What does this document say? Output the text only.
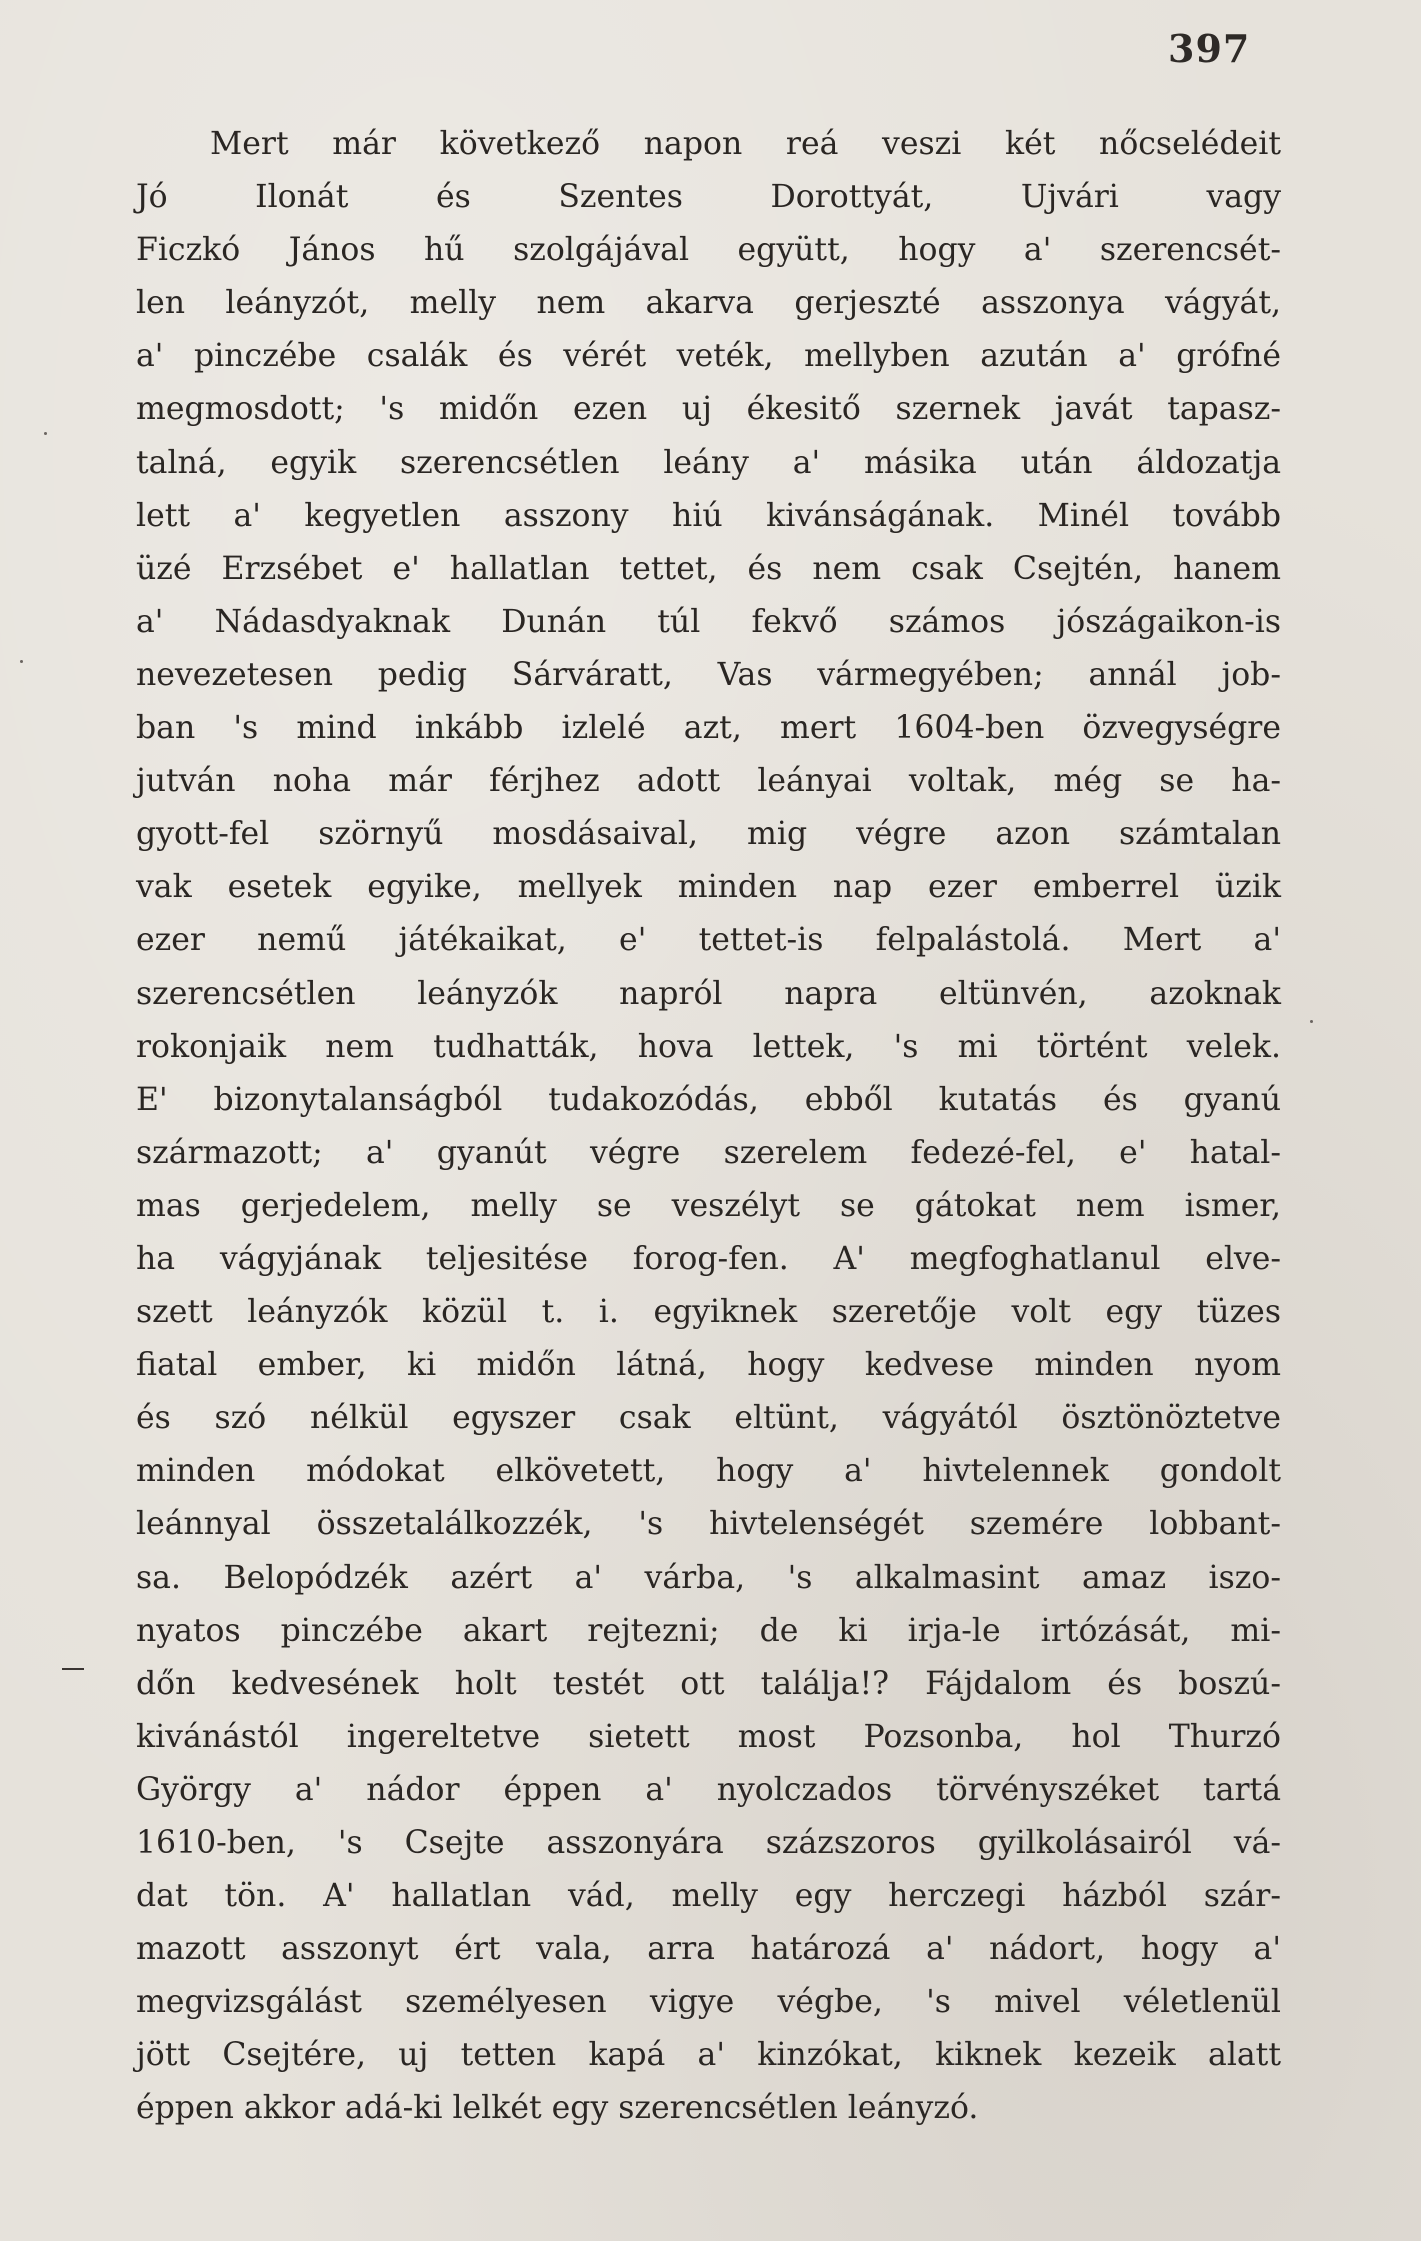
397
Mert már következő napon reá veszi két nőcselédeit
Jó Ilonát és Szentes Dorottyát, Ujvári vagy
Ficzkó János hű szolgájával együtt, hogy a' szerencsét-
len leányzót, melly nem akarva gerjeszté asszonya vágyát,
a' pinczébe csalák és vérét veték, mellyben azután a' grófné
megmosdott; 's midőn ezen uj ékesitő szernek javát tapasz-
talná, egyik szerencsétlen leány a' másika után áldozatja
lett a' kegyetlen asszony hiú kivánságának. Minél tovább
üzé Erzsébet e' hallatlan tettet, és nem csak Csejtén, hanem
a' Nádasdyaknak Dunán túl fekvő számos jószágaikon-is
nevezetesen pedig Sárváratt, Vas vármegyében; annál job-
ban 's mind inkább izlelé azt, mert 1604-ben özvegységre
jutván noha már férjhez adott leányai voltak, még se ha-
gyott-fel szörnyű mosdásaival, mig végre azon számtalan
vak esetek egyike, mellyek minden nap ezer emberrel üzik
ezer nemű játékaikat, e' tettet-is felpalástolá. Mert a'
szerencsétlen leányzók napról napra eltünvén, azoknak
rokonjaik nem tudhatták, hova lettek, 's mi történt velek.
E' bizonytalanságból tudakozódás, ebből kutatás és gyanú
származott; a' gyanút végre szerelem fedezé-fel, e' hatal-
mas gerjedelem, melly se veszélyt se gátokat nem ismer,
ha vágyjának teljesitése forog-fen. A' megfoghatlanul elve-
szett leányzók közül t. i. egyiknek szeretője volt egy tüzes
fiatal ember, ki midőn látná, hogy kedvese minden nyom
és szó nélkül egyszer csak eltünt, vágyától ösztönöztetve
minden módokat elkövetett, hogy a' hivtelennek gondolt
leánnyal összetalálkozzék, 's hivtelenségét szemére lobbant-
sa. Belopódzék azért a' várba, 's alkalmasint amaz iszo-
nyatos pinczébe akart rejtezni; de ki irja-le irtózását, mi-
dőn kedvesének holt testét ott találja!? Fájdalom és boszú-
kivánástól ingereltetve sietett most Pozsonba, hol Thurzó
György a' nádor éppen a' nyolczados törvényszéket tartá
1610-ben, 's Csejte asszonyára százszoros gyilkolásairól vá-
dat tön. A' hallatlan vád, melly egy herczegi házból szár-
mazott asszonyt ért vala, arra határozá a' nádort, hogy a'
megvizsgálást személyesen vigye végbe, 's mivel véletlenül
jött Csejtére, uj tetten kapá a' kinzókat, kiknek kezeik alatt
éppen akkor adá-ki lelkét egy szerencsétlen leányzó.
